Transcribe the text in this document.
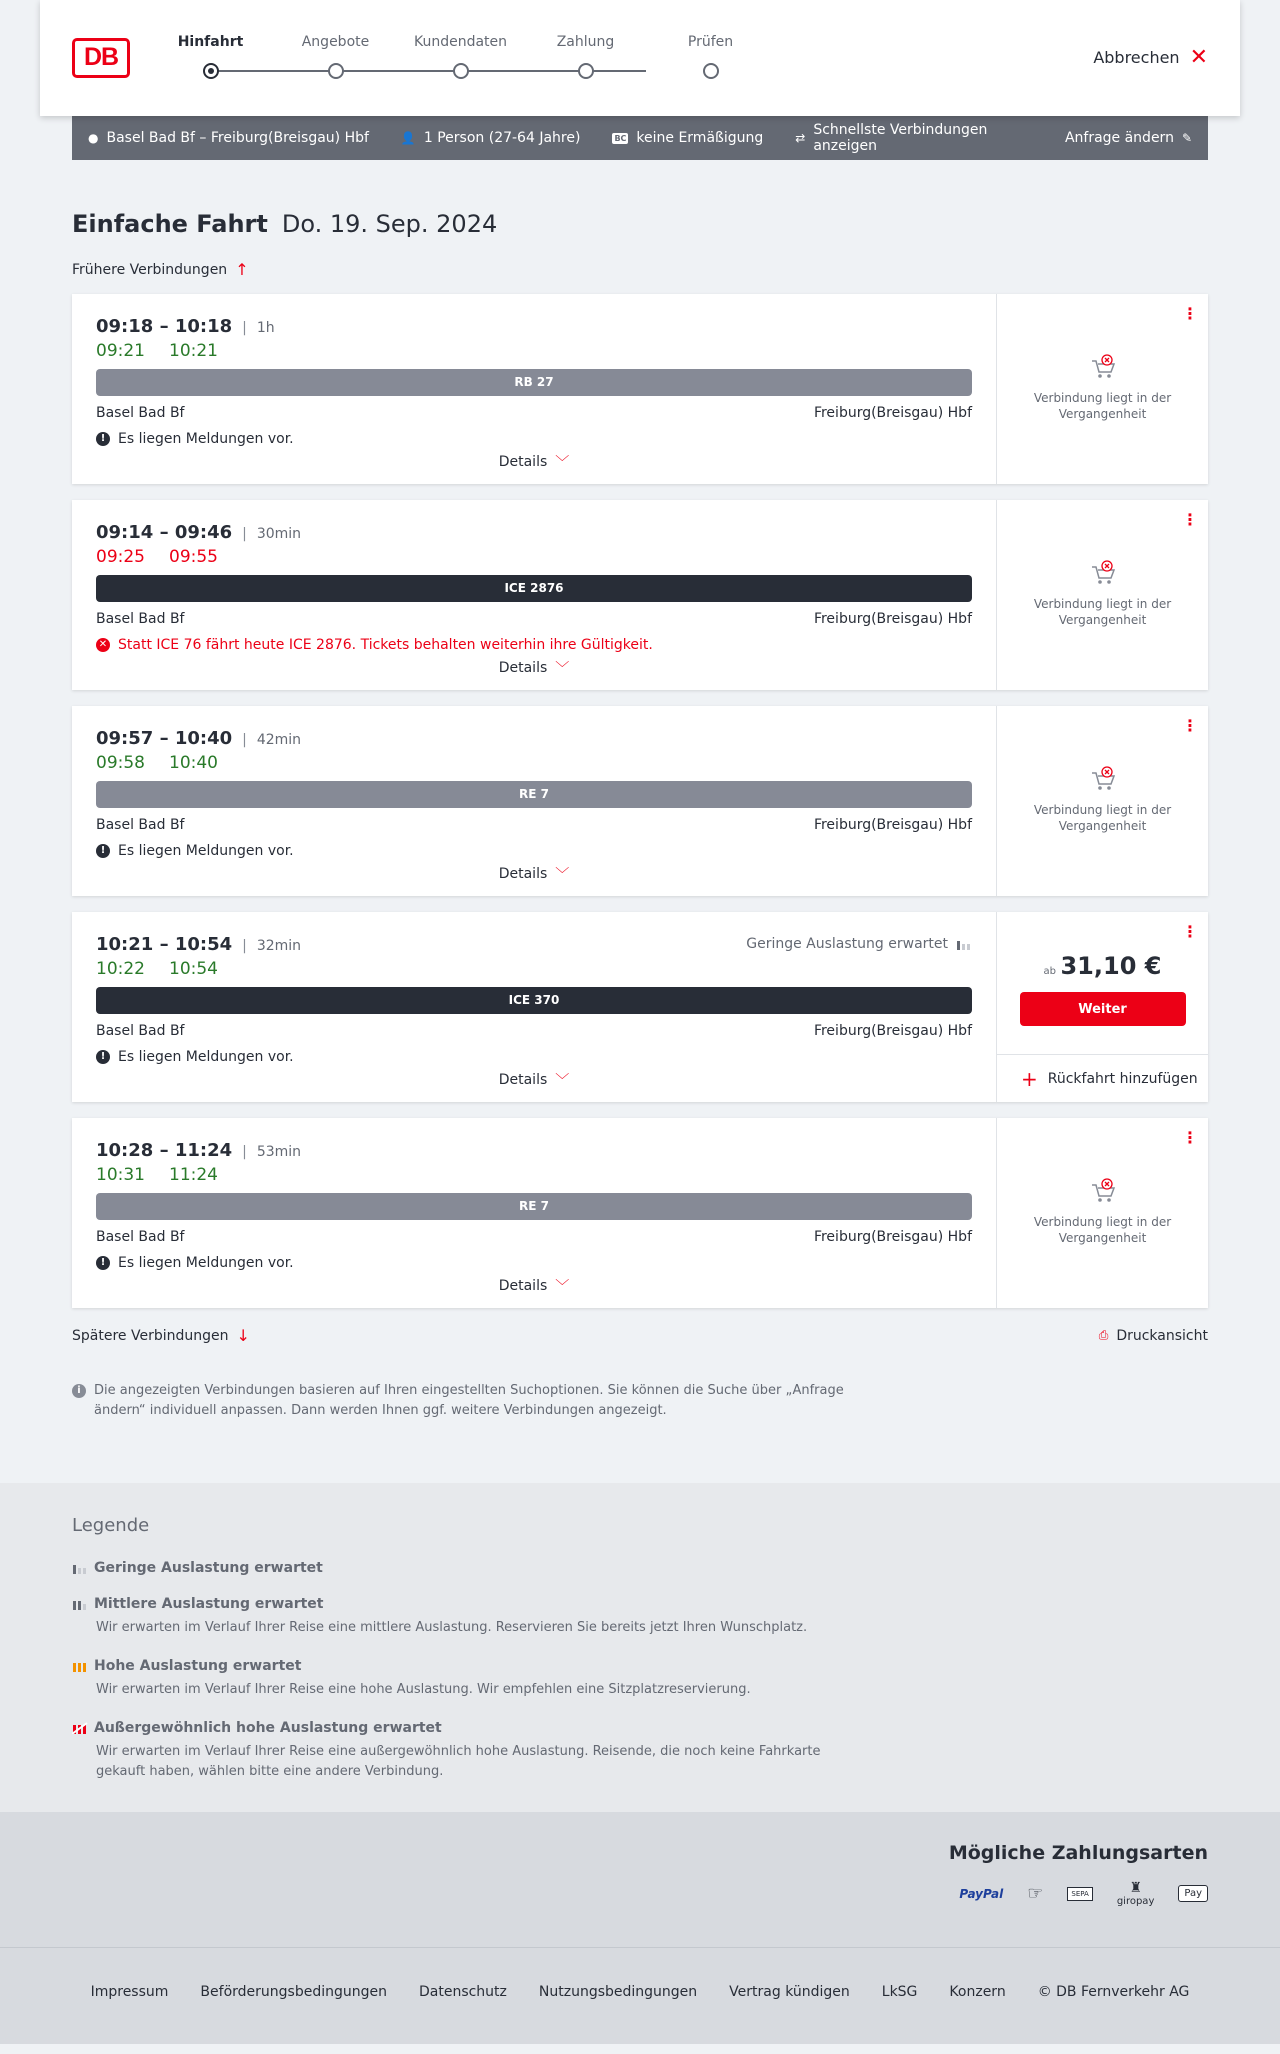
DB
Hinfahrt	Angebote	Kundendaten	Zahlung	Prüfen
Abbrechen ✕
● Basel Bad Bf – Freiburg(Breisgau) Hbf	👤 1 Person (27-64 Jahre)	BC keine Ermäßigung	⇄ Schnellste Verbindungen anzeigen	Anfrage ändern ✎
Einfache Fahrt Do. 19. Sep. 2024
Frühere Verbindungen ↑
09:18 – 10:18 | 1h
09:21 10:21
RB 27
Basel Bad Bf	Freiburg(Breisgau) Hbf
! Es liegen Meldungen vor.
Details ﹀
⋮
Verbindung liegt in der Vergangenheit
09:14 – 09:46 | 30min
09:25 09:55
ICE 2876
Basel Bad Bf	Freiburg(Breisgau) Hbf
✕ Statt ICE 76 fährt heute ICE 2876. Tickets behalten weiterhin ihre Gültigkeit.
Details ﹀
⋮
Verbindung liegt in der Vergangenheit
09:57 – 10:40 | 42min
09:58 10:40
RE 7
Basel Bad Bf	Freiburg(Breisgau) Hbf
! Es liegen Meldungen vor.
Details ﹀
⋮
Verbindung liegt in der Vergangenheit
10:21 – 10:54 | 32min	Geringe Auslastung erwartet
10:22 10:54
ICE 370
Basel Bad Bf	Freiburg(Breisgau) Hbf
! Es liegen Meldungen vor.
Details ﹀
⋮
ab 31,10 €
Weiter
+ Rückfahrt hinzufügen
10:28 – 11:24 | 53min
10:31 11:24
RE 7
Basel Bad Bf	Freiburg(Breisgau) Hbf
! Es liegen Meldungen vor.
Details ﹀
⋮
Verbindung liegt in der Vergangenheit
Spätere Verbindungen ↓	⎙ Druckansicht
i	Die angezeigten Verbindungen basieren auf Ihren eingestellten Suchoptionen. Sie können die Suche über „Anfrage ändern“ individuell anpassen. Dann werden Ihnen ggf. weitere Verbindungen angezeigt.
Legende
Geringe Auslastung erwartet
Mittlere Auslastung erwartet
Wir erwarten im Verlauf Ihrer Reise eine mittlere Auslastung. Reservieren Sie bereits jetzt Ihren Wunschplatz.
Hohe Auslastung erwartet
Wir erwarten im Verlauf Ihrer Reise eine hohe Auslastung. Wir empfehlen eine Sitzplatzreservierung.
Außergewöhnlich hohe Auslastung erwartet
Wir erwarten im Verlauf Ihrer Reise eine außergewöhnlich hohe Auslastung. Reisende, die noch keine Fahrkarte gekauft haben, wählen bitte eine andere Verbindung.
Mögliche Zahlungsarten
PayPal ☞	SEPA	♜
giropay
Pay
Impressum Beförderungsbedingungen Datenschutz Nutzungsbedingungen Vertrag kündigen LkSG Konzern © DB Fernverkehr AG
